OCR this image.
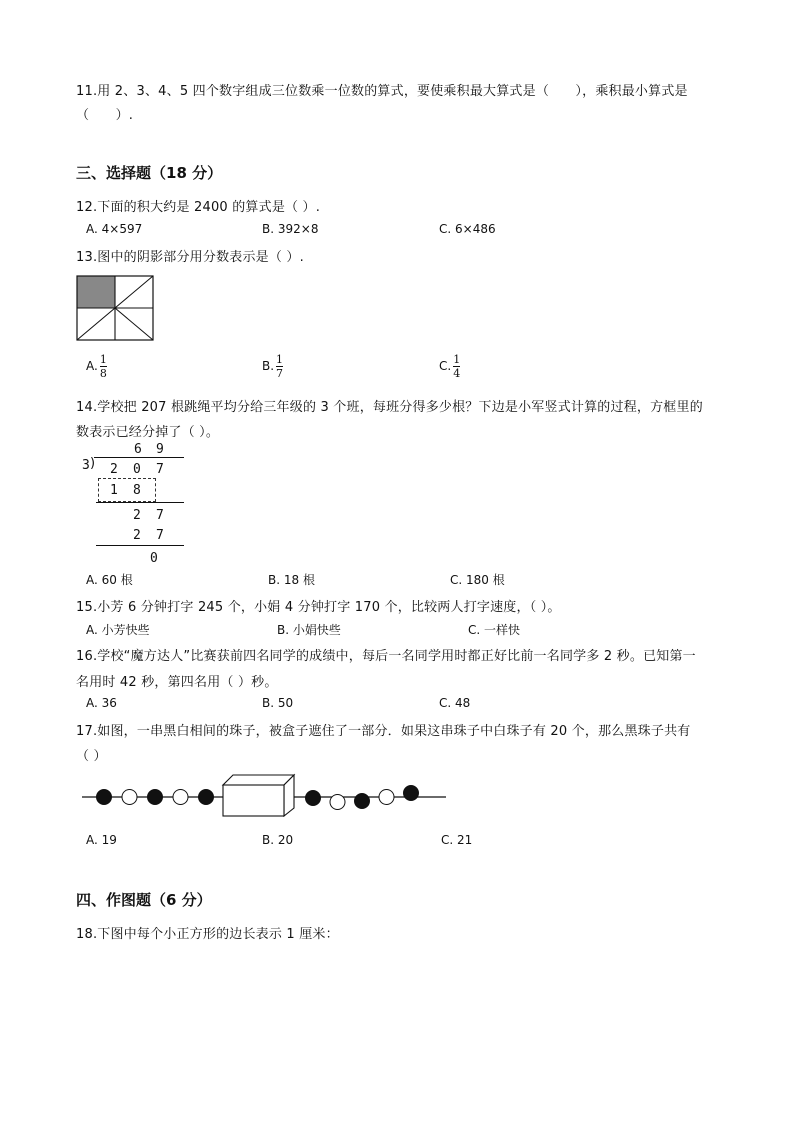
11.用 2、3、4、5 四个数字组成三位数乘一位数的算式，要使乘积最大算式是（　　），乘积最小算式是
（　　）.
三、选择题（18 分）
12.下面的积大约是 2400 的算式是（ ）.
A. 4×597	B. 392×8	C. 6×486
13.图中的阴影部分用分数表示是（ ）.
A. $\frac{1}{8}$	B. $\frac{1}{7}$	C. $\frac{1}{4}$
14.学校把 207 根跳绳平均分给三年级的 3 个班，每班分得多少根？下边是小军竖式计算的过程，方框里的
数表示已经分掉了（ ）。
6 9
3 ) 2 0 7
1 8
2 7
2 7
0
A. 60 根	B. 18 根	C. 180 根
15.小芳 6 分钟打字 245 个，小娟 4 分钟打字 170 个，比较两人打字速度，（ ）。
A. 小芳快些	B. 小娟快些	C. 一样快
16.学校“魔方达人”比赛获前四名同学的成绩中，每后一名同学用时都正好比前一名同学多 2 秒。已知第一
名用时 42 秒，第四名用（ ）秒。
A. 36	B. 50	C. 48
17.如图，一串黑白相间的珠子，被盒子遮住了一部分．如果这串珠子中白珠子有 20 个，那么黑珠子共有
（ ）
A. 19	B. 20	C. 21
四、作图题（6 分）
18.下图中每个小正方形的边长表示 1 厘米：
